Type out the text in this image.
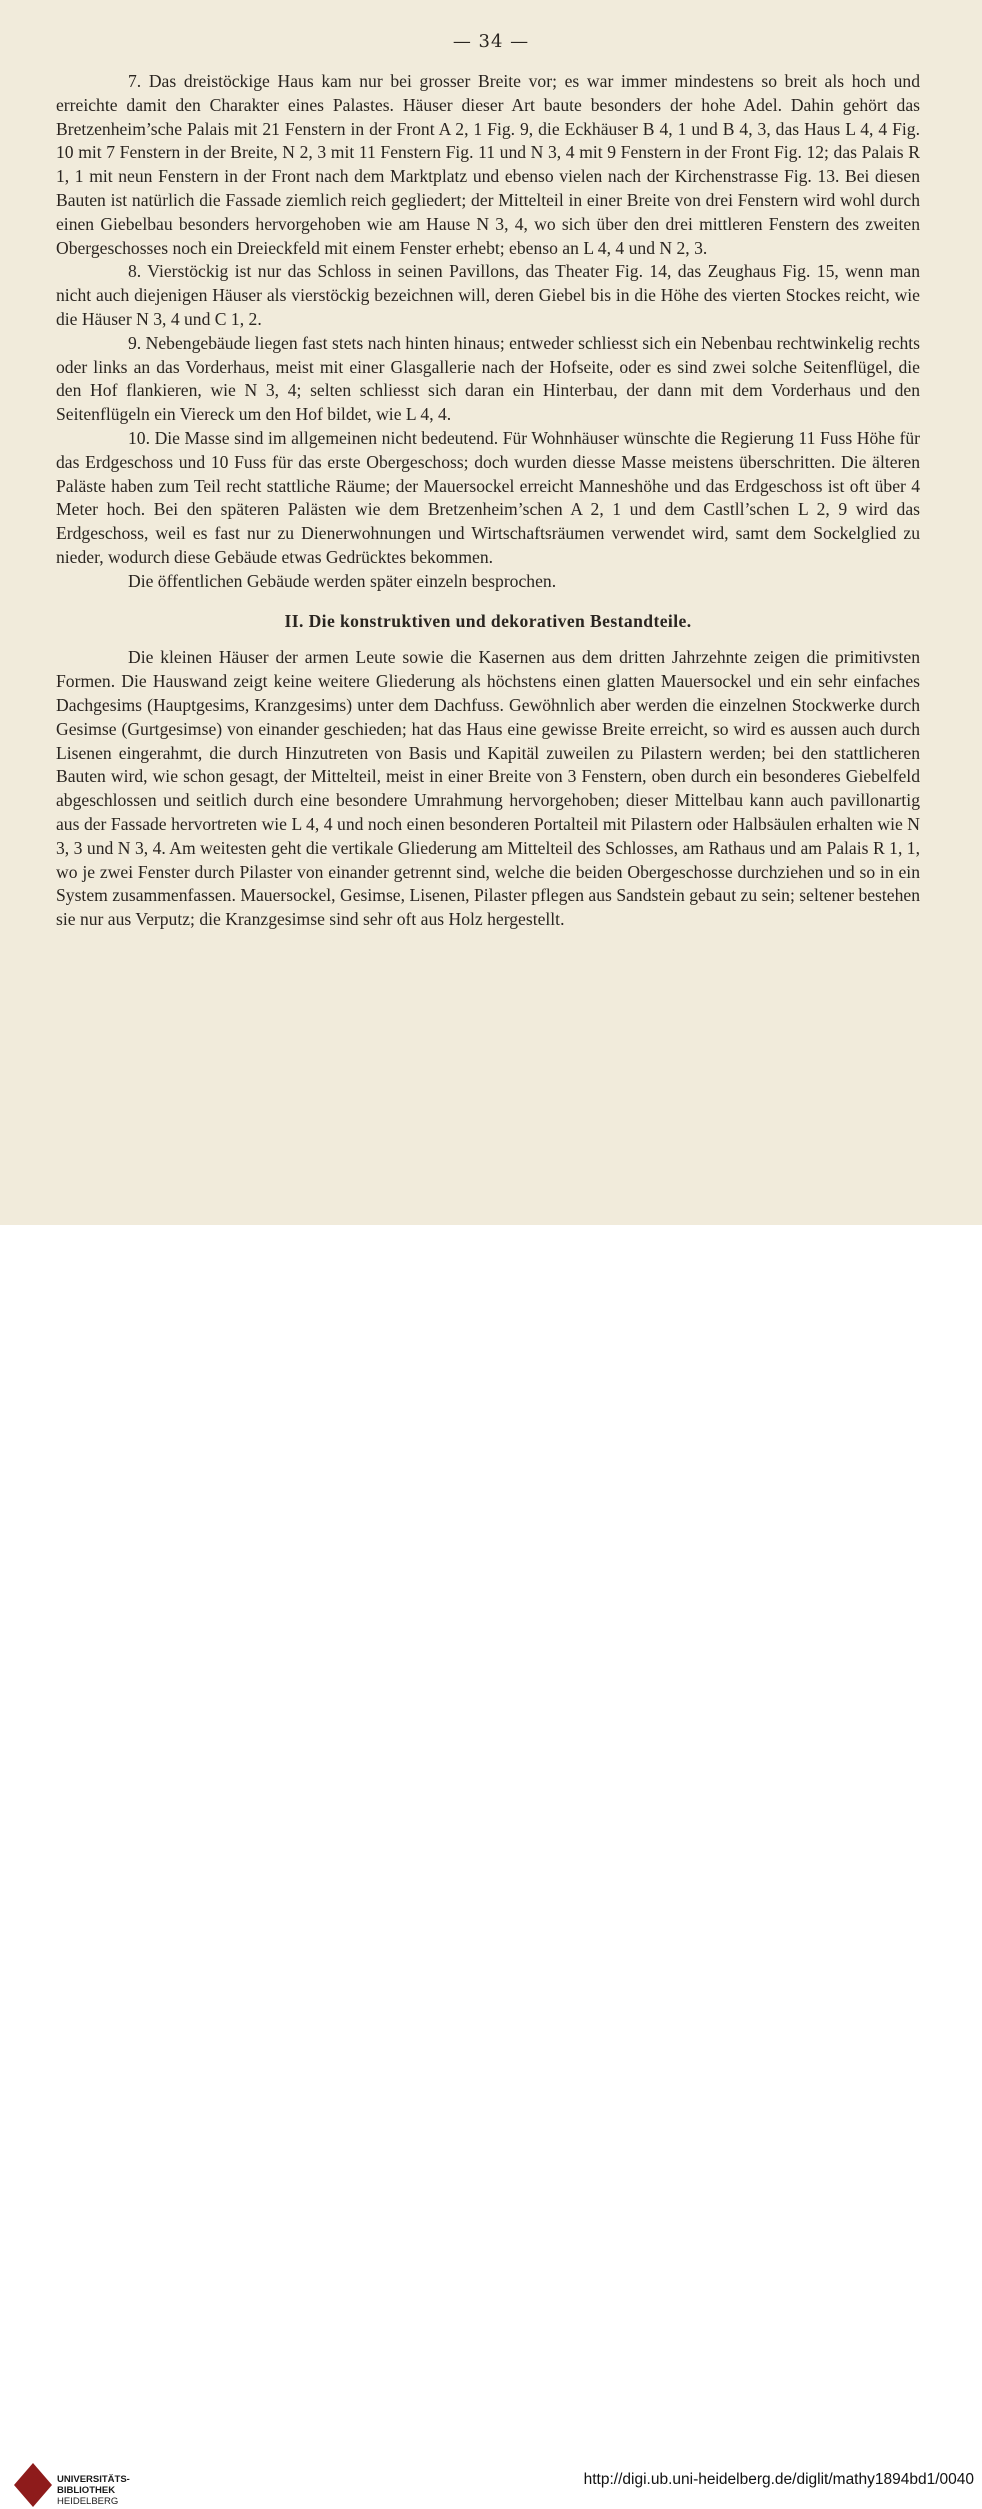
— 34 —

7. Das dreistöckige Haus kam nur bei grosser Breite vor; es war immer mindestens so breit als hoch und erreichte damit den Charakter eines Palastes. Häuser dieser Art baute besonders der hohe Adel. Dahin gehört das Bretzenheim’sche Palais mit 21 Fenstern in der Front A 2, 1 Fig. 9, die Eckhäuser B 4, 1 und B 4, 3, das Haus L 4, 4 Fig. 10 mit 7 Fenstern in der Breite, N 2, 3 mit 11 Fenstern Fig. 11 und N 3, 4 mit 9 Fenstern in der Front Fig. 12; das Palais R 1, 1 mit neun Fenstern in der Front nach dem Marktplatz und ebenso vielen nach der Kirchenstrasse Fig. 13. Bei diesen Bauten ist natürlich die Fassade ziemlich reich gegliedert; der Mittelteil in einer Breite von drei Fenstern wird wohl durch einen Giebelbau besonders hervorgehoben wie am Hause N 3, 4, wo sich über den drei mittleren Fenstern des zweiten Obergeschosses noch ein Dreieckfeld mit einem Fenster erhebt; ebenso an L 4, 4 und N 2, 3.

8. Vierstöckig ist nur das Schloss in seinen Pavillons, das Theater Fig. 14, das Zeughaus Fig. 15, wenn man nicht auch diejenigen Häuser als vierstöckig bezeichnen will, deren Giebel bis in die Höhe des vierten Stockes reicht, wie die Häuser N 3, 4 und C 1, 2.

9. Nebengebäude liegen fast stets nach hinten hinaus; entweder schliesst sich ein Nebenbau rechtwinkelig rechts oder links an das Vorderhaus, meist mit einer Glasgallerie nach der Hofseite, oder es sind zwei solche Seitenflügel, die den Hof flankieren, wie N 3, 4; selten schliesst sich daran ein Hinterbau, der dann mit dem Vorderhaus und den Seitenflügeln ein Viereck um den Hof bildet, wie L 4, 4.

10. Die Masse sind im allgemeinen nicht bedeutend. Für Wohnhäuser wünschte die Regierung 11 Fuss Höhe für das Erdgeschoss und 10 Fuss für das erste Obergeschoss; doch wurden diesse Masse meistens überschritten. Die älteren Paläste haben zum Teil recht stattliche Räume; der Mauersockel erreicht Manneshöhe und das Erdgeschoss ist oft über 4 Meter hoch. Bei den späteren Palästen wie dem Bretzenheim’schen A 2, 1 und dem Castll’schen L 2, 9 wird das Erdgeschoss, weil es fast nur zu Dienerwohnungen und Wirtschaftsräumen verwendet wird, samt dem Sockelglied zu nieder, wodurch diese Gebäude etwas Gedrücktes bekommen.

Die öffentlichen Gebäude werden später einzeln besprochen.

II. Die konstruktiven und dekorativen Bestandteile.

Die kleinen Häuser der armen Leute sowie die Kasernen aus dem dritten Jahrzehnte zeigen die primitivsten Formen. Die Hauswand zeigt keine weitere Gliederung als höchstens einen glatten Mauersockel und ein sehr einfaches Dachgesims (Hauptgesims, Kranzgesims) unter dem Dachfuss. Gewöhnlich aber werden die einzelnen Stockwerke durch Gesimse (Gurtgesimse) von einander geschieden; hat das Haus eine gewisse Breite erreicht, so wird es aussen auch durch Lisenen eingerahmt, die durch Hinzutreten von Basis und Kapitäl zuweilen zu Pilastern werden; bei den stattlicheren Bauten wird, wie schon gesagt, der Mittelteil, meist in einer Breite von 3 Fenstern, oben durch ein besonderes Giebelfeld abgeschlossen und seitlich durch eine besondere Umrahmung hervorgehoben; dieser Mittelbau kann auch pavillonartig aus der Fassade hervortreten wie L 4, 4 und noch einen besonderen Portalteil mit Pilastern oder Halbsäulen erhalten wie N 3, 3 und N 3, 4. Am weitesten geht die vertikale Gliederung am Mittelteil des Schlosses, am Rathaus und am Palais R 1, 1, wo je zwei Fenster durch Pilaster von einander getrennt sind, welche die beiden Obergeschosse durchziehen und so in ein System zusammenfassen. Mauersockel, Gesimse, Lisenen, Pilaster pflegen aus Sandstein gebaut zu sein; seltener bestehen sie nur aus Verputz; die Kranzgesimse sind sehr oft aus Holz hergestellt.

UNIVERSITÄTS-
BIBLIOTHEK
HEIDELBERG
http://digi.ub.uni-heidelberg.de/diglit/mathy1894bd1/0040
